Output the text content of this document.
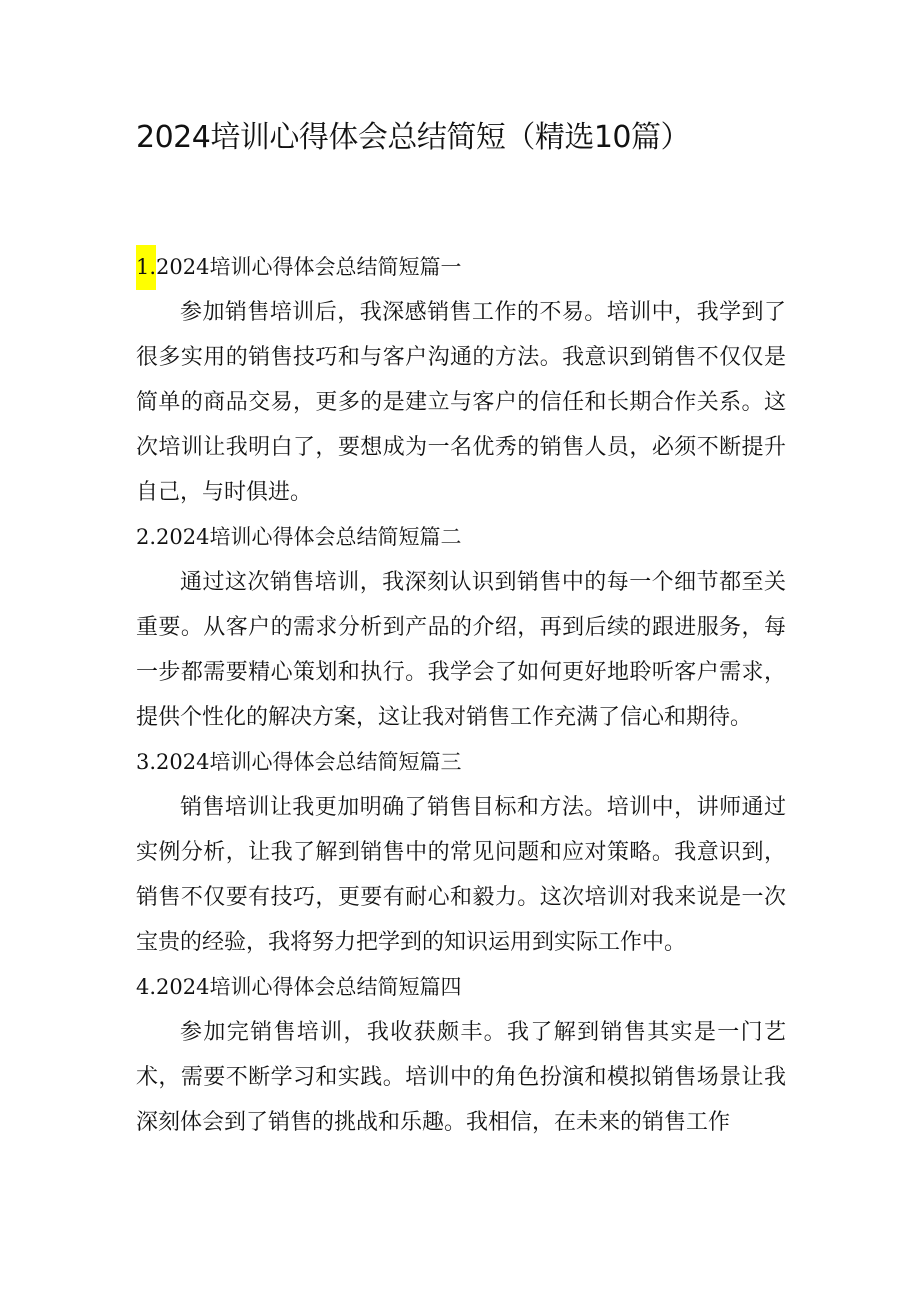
2024培训心得体会总结简短（精选10篇）
1.2024培训心得体会总结简短篇一

参加销售培训后，我深感销售工作的不易。培训中，我学到了很多实用的销售技巧和与客户沟通的方法。我意识到销售不仅仅是简单的商品交易，更多的是建立与客户的信任和长期合作关系。这次培训让我明白了，要想成为一名优秀的销售人员，必须不断提升自己，与时俱进。

2.2024培训心得体会总结简短篇二

通过这次销售培训，我深刻认识到销售中的每一个细节都至关重要。从客户的需求分析到产品的介绍，再到后续的跟进服务，每一步都需要精心策划和执行。我学会了如何更好地聆听客户需求，提供个性化的解决方案，这让我对销售工作充满了信心和期待。

3.2024培训心得体会总结简短篇三

销售培训让我更加明确了销售目标和方法。培训中，讲师通过实例分析，让我了解到销售中的常见问题和应对策略。我意识到，销售不仅要有技巧，更要有耐心和毅力。这次培训对我来说是一次宝贵的经验，我将努力把学到的知识运用到实际工作中。

4.2024培训心得体会总结简短篇四

参加完销售培训，我收获颇丰。我了解到销售其实是一门艺术，需要不断学习和实践。培训中的角色扮演和模拟销售场景让我深刻体会到了销售的挑战和乐趣。我相信，在未来的销售工作
